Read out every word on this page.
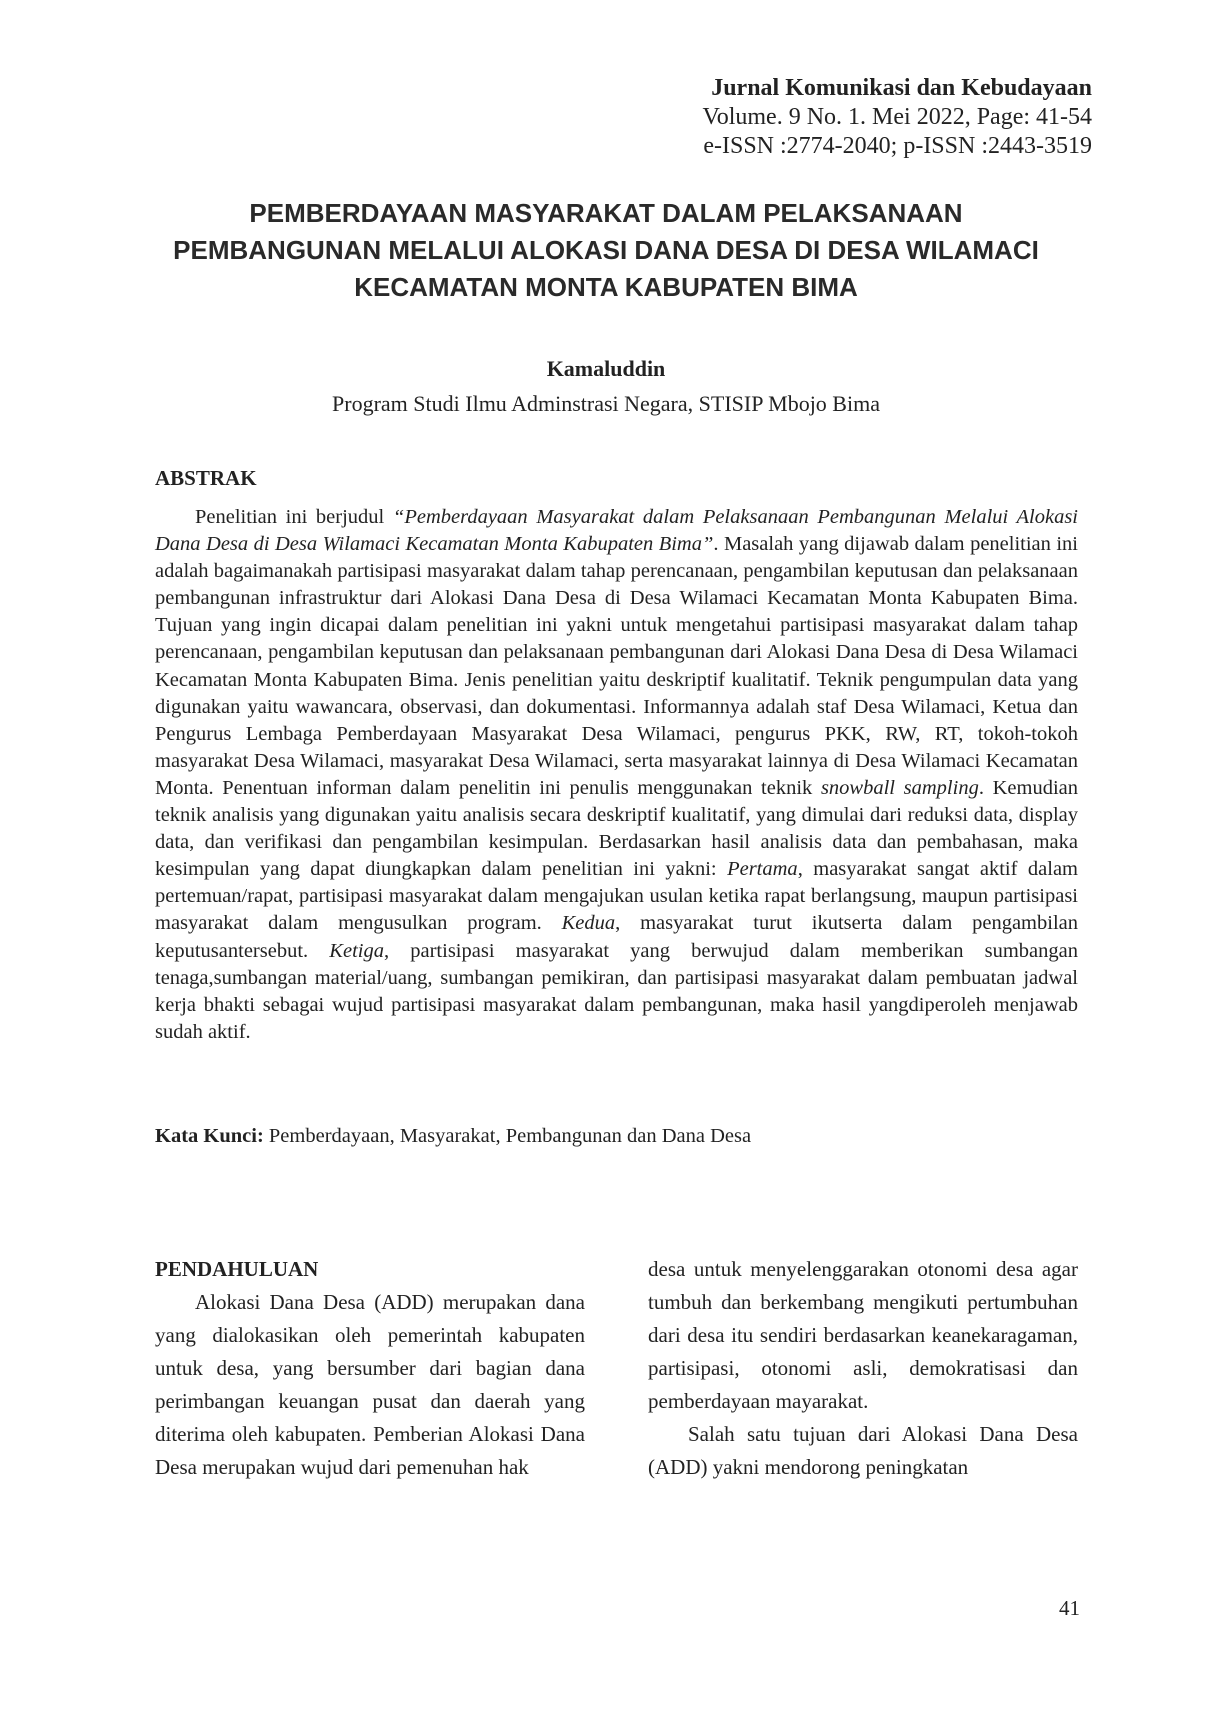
Jurnal Komunikasi dan Kebudayaan
Volume. 9 No. 1. Mei 2022, Page: 41-54
e-ISSN :2774-2040; p-ISSN :2443-3519
PEMBERDAYAAN MASYARAKAT DALAM PELAKSANAAN
PEMBANGUNAN MELALUI ALOKASI DANA DESA DI DESA WILAMACI
KECAMATAN MONTA KABUPATEN BIMA
Kamaluddin
Program Studi Ilmu Adminstrasi Negara, STISIP Mbojo Bima
ABSTRAK

Penelitian ini berjudul “Pemberdayaan Masyarakat dalam Pelaksanaan Pembangunan Melalui Alokasi Dana Desa di Desa Wilamaci Kecamatan Monta Kabupaten Bima”. Masalah yang dijawab dalam penelitian ini adalah bagaimanakah partisipasi masyarakat dalam tahap perencanaan, pengambilan keputusan dan pelaksanaan pembangunan infrastruktur dari Alokasi Dana Desa di Desa Wilamaci Kecamatan Monta Kabupaten Bima. Tujuan yang ingin dicapai dalam penelitian ini yakni untuk mengetahui partisipasi masyarakat dalam tahap perencanaan, pengambilan keputusan dan pelaksanaan pembangunan dari Alokasi Dana Desa di Desa Wilamaci Kecamatan Monta Kabupaten Bima. Jenis penelitian yaitu deskriptif kualitatif. Teknik pengumpulan data yang digunakan yaitu wawancara, observasi, dan dokumentasi. Informannya adalah staf Desa Wilamaci, Ketua dan Pengurus Lembaga Pemberdayaan Masyarakat Desa Wilamaci, pengurus PKK, RW, RT, tokoh-tokoh masyarakat Desa Wilamaci, masyarakat Desa Wilamaci, serta masyarakat lainnya di Desa Wilamaci Kecamatan Monta. Penentuan informan dalam penelitin ini penulis menggunakan teknik snowball sampling. Kemudian teknik analisis yang digunakan yaitu analisis secara deskriptif kualitatif, yang dimulai dari reduksi data, display data, dan verifikasi dan pengambilan kesimpulan. Berdasarkan hasil analisis data dan pembahasan, maka kesimpulan yang dapat diungkapkan dalam penelitian ini yakni: Pertama, masyarakat sangat aktif dalam pertemuan/rapat, partisipasi masyarakat dalam mengajukan usulan ketika rapat berlangsung, maupun partisipasi masyarakat dalam mengusulkan program. Kedua, masyarakat turut ikutserta dalam pengambilan keputusantersebut. Ketiga, partisipasi masyarakat yang berwujud dalam memberikan sumbangan tenaga,sumbangan material/uang, sumbangan pemikiran, dan partisipasi masyarakat dalam pembuatan jadwal kerja bhakti sebagai wujud partisipasi masyarakat dalam pembangunan, maka hasil yangdiperoleh menjawab sudah aktif.

Kata Kunci: Pemberdayaan, Masyarakat, Pembangunan dan Dana Desa

PENDAHULUAN

Alokasi Dana Desa (ADD) merupakan dana yang dialokasikan oleh pemerintah kabupaten untuk desa, yang bersumber dari bagian dana perimbangan keuangan pusat dan daerah yang diterima oleh kabupaten. Pemberian Alokasi Dana Desa merupakan wujud dari pemenuhan hak

desa untuk menyelenggarakan otonomi desa agar tumbuh dan berkembang mengikuti pertumbuhan dari desa itu sendiri berdasarkan keanekaragaman, partisipasi, otonomi asli, demokratisasi dan pemberdayaan mayarakat.

Salah satu tujuan dari Alokasi Dana Desa (ADD) yakni mendorong peningkatan

41
